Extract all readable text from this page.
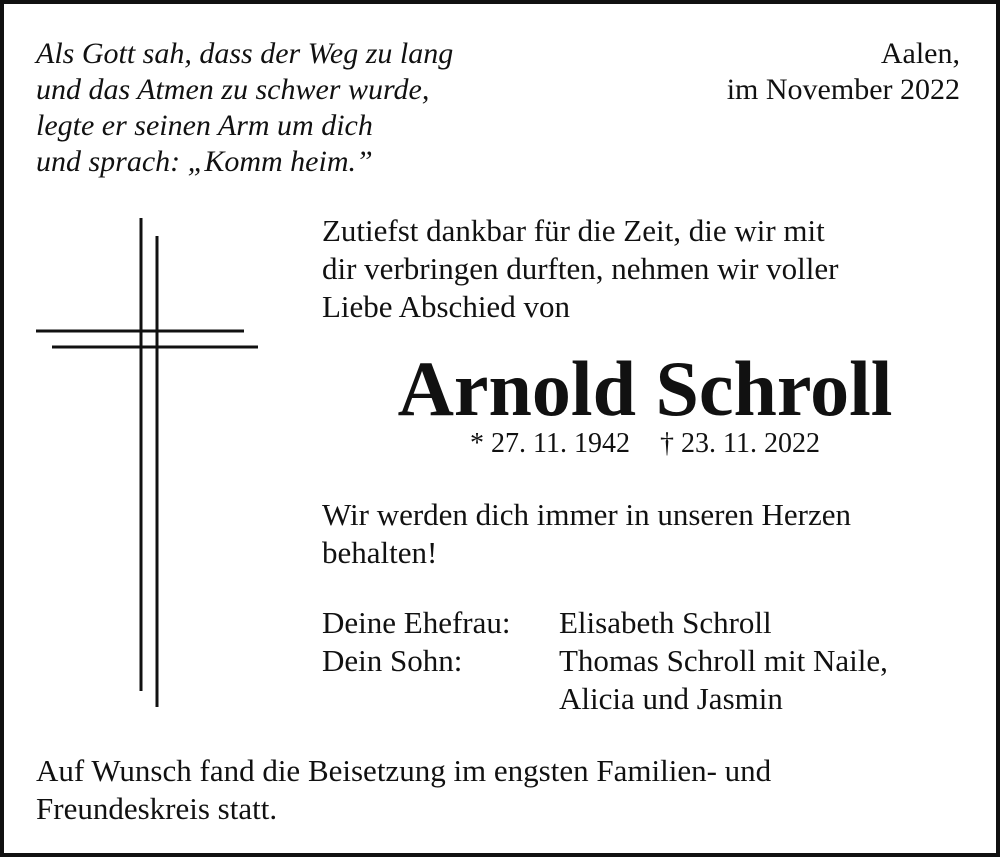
Als Gott sah, dass der Weg zu lang
und das Atmen zu schwer wurde,
legte er seinen Arm um dich
und sprach: „Komm heim.”
Aalen,
im November 2022
Zutiefst dankbar für die Zeit, die wir mit
dir verbringen durften, nehmen wir voller
Liebe Abschied von
Arnold Schroll
* 27. 11. 1942 † 23. 11. 2022
Wir werden dich immer in unseren Herzen
behalten!
Deine Ehefrau:	Elisabeth Schroll
Dein Sohn:	Thomas Schroll mit Naile,
Alicia und Jasmin
Auf Wunsch fand die Beisetzung im engsten Familien- und
Freundeskreis statt.
